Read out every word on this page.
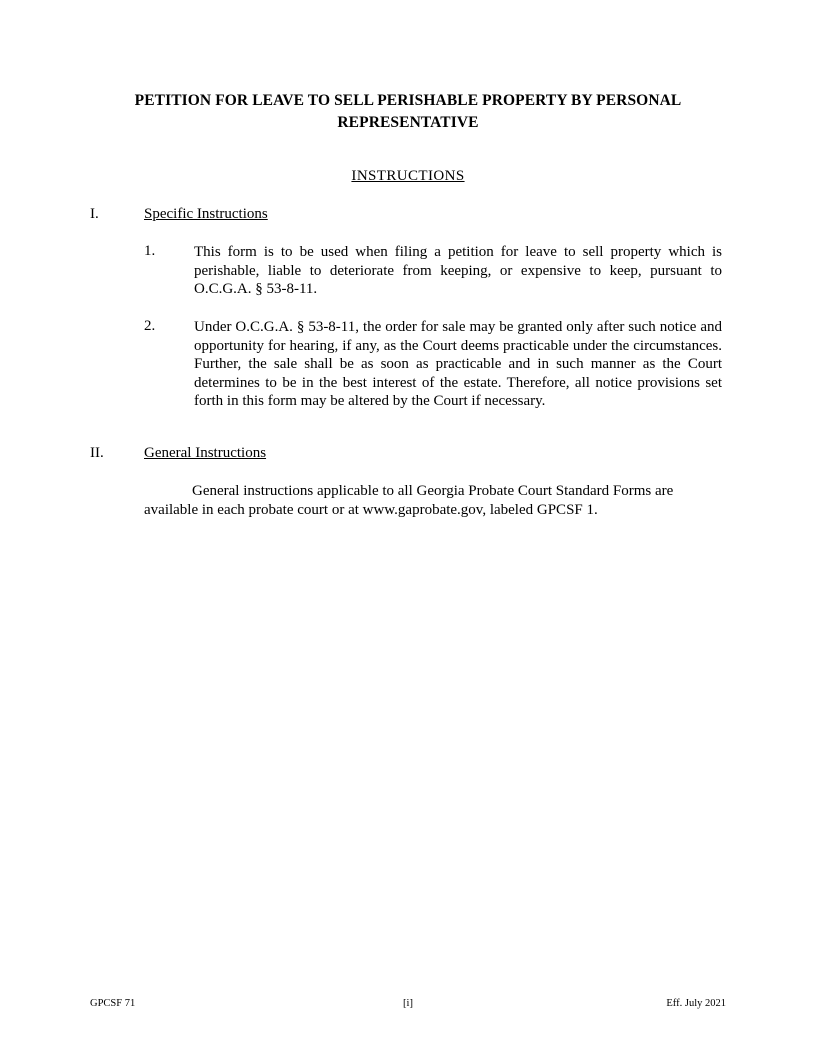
PETITION FOR LEAVE TO SELL PERISHABLE PROPERTY BY PERSONAL REPRESENTATIVE
INSTRUCTIONS
I.	Specific Instructions
1.	This form is to be used when filing a petition for leave to sell property which is perishable, liable to deteriorate from keeping, or expensive to keep, pursuant to O.C.G.A. § 53-8-11.
2.	Under O.C.G.A. § 53-8-11, the order for sale may be granted only after such notice and opportunity for hearing, if any, as the Court deems practicable under the circumstances. Further, the sale shall be as soon as practicable and in such manner as the Court determines to be in the best interest of the estate. Therefore, all notice provisions set forth in this form may be altered by the Court if necessary.
II.	General Instructions
General instructions applicable to all Georgia Probate Court Standard Forms are available in each probate court or at www.gaprobate.gov, labeled GPCSF 1.
GPCSF 71	[i]	Eff. July 2021
